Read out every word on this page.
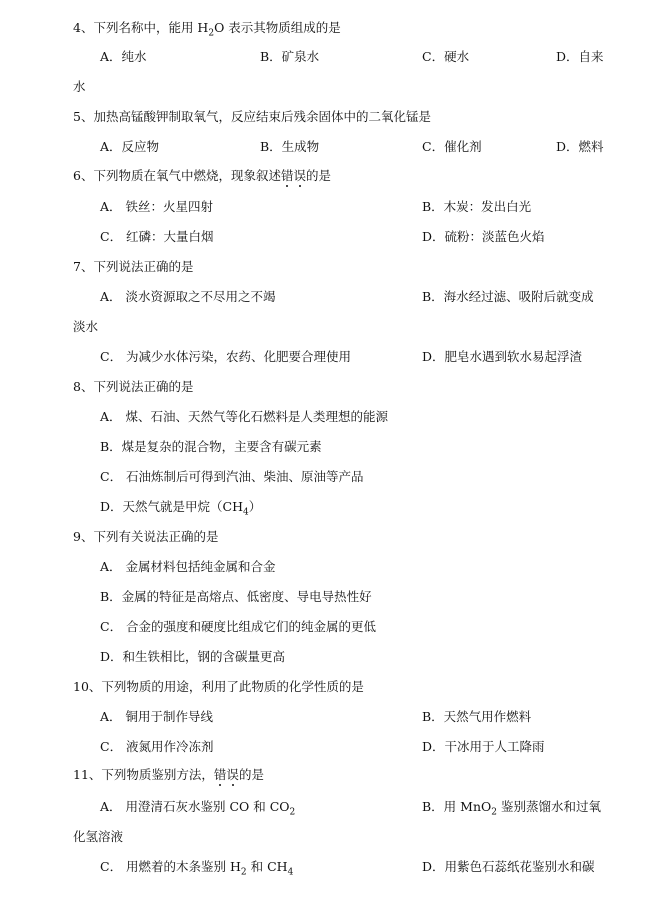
4、下列名称中，能用 $H_2O$ 表示其物质组成的是
A．纯水	B．矿泉水	C．硬水	D．自来
水
5、加热高锰酸钾制取氧气，反应结束后残余固体中的二氧化锰是
A．反应物	B．生成物	C．催化剂	D．燃料
6、下列物质在氧气中燃烧，现象叙述错误的是
A． 铁丝：火星四射	B．木炭：发出白光
C． 红磷：大量白烟	D．硫粉：淡蓝色火焰
7、下列说法正确的是
A． 淡水资源取之不尽用之不竭	B．海水经过滤、吸附后就变成
淡水
C． 为减少水体污染，农药、化肥要合理使用	D．肥皂水遇到软水易起浮渣
8、下列说法正确的是
A． 煤、石油、天然气等化石燃料是人类理想的能源
B．煤是复杂的混合物，主要含有碳元素
C． 石油炼制后可得到汽油、柴油、原油等产品
D．天然气就是甲烷$(CH_4)$
9、下列有关说法正确的是
A． 金属材料包括纯金属和合金
B．金属的特征是高熔点、低密度、导电导热性好
C． 合金的强度和硬度比组成它们的纯金属的更低
D．和生铁相比，钢的含碳量更高
10、下列物质的用途，利用了此物质的化学性质的是
A． 铜用于制作导线	B．天然气用作燃料
C． 液氮用作冷冻剂	D．干冰用于人工降雨
11、下列物质鉴别方法，错误的是
A． 用澄清石灰水鉴别 CO 和 $CO_2$	B．用 MnO$_2$ 鉴别蒸馏水和过氧
化氢溶液
C． 用燃着的木条鉴别 $H_2$ 和 $CH_4$	D．用紫色石蕊纸花鉴别水和碳
